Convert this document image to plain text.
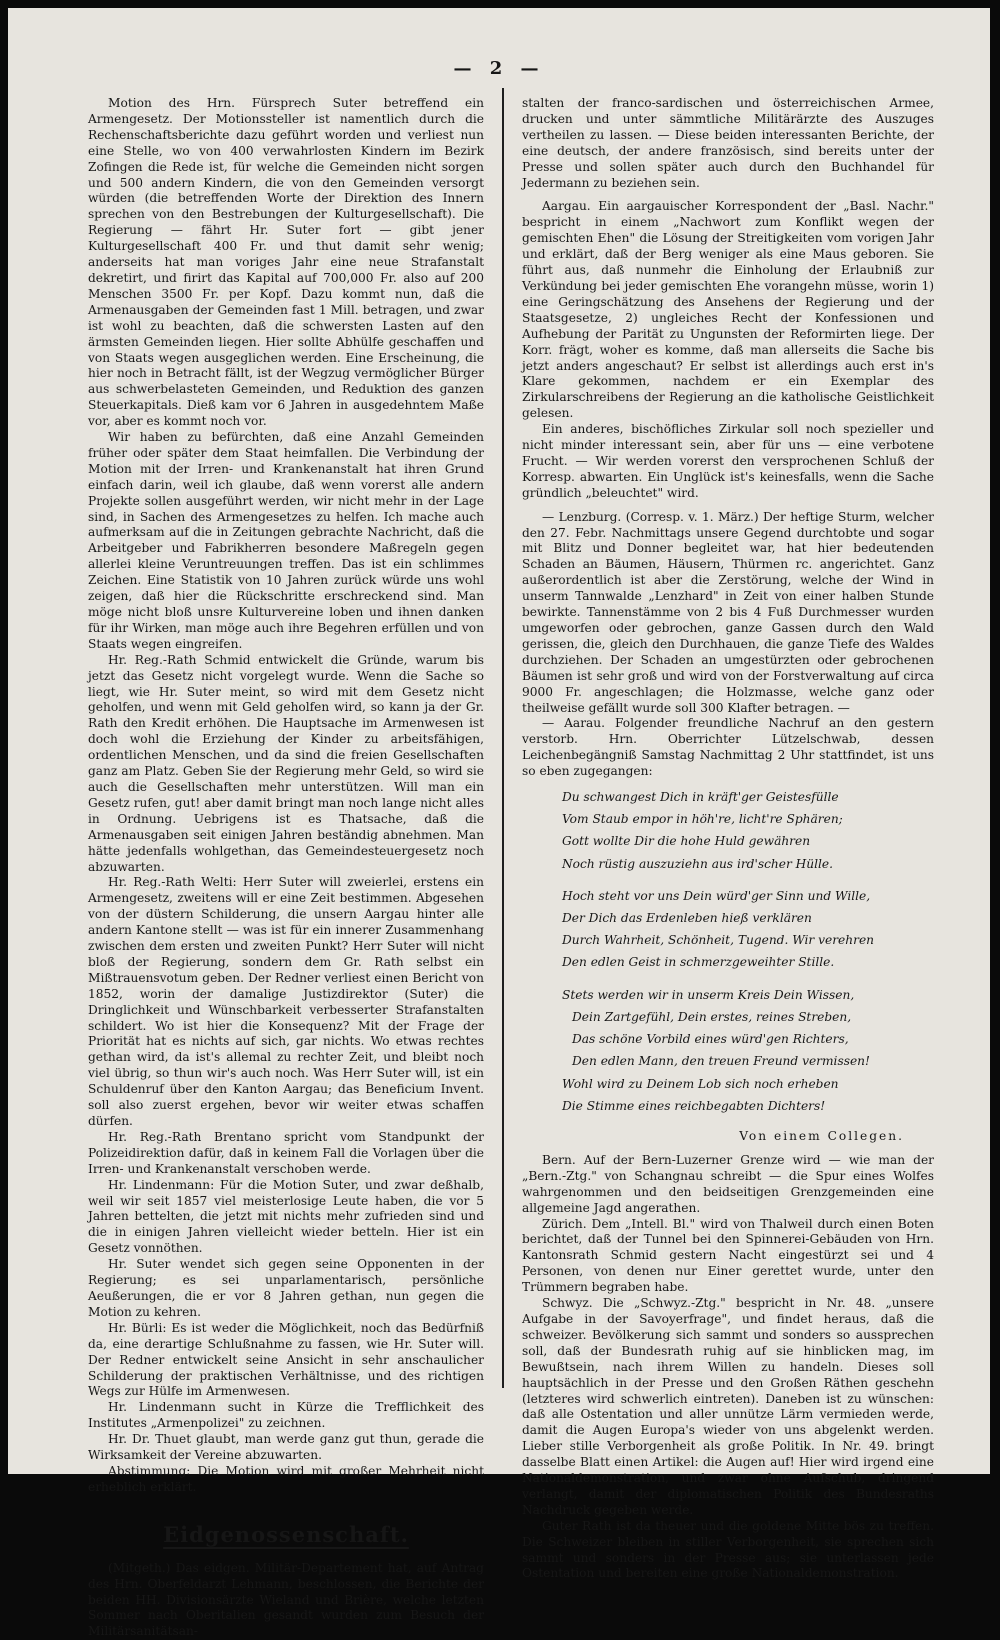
— 2 —

Motion des Hrn. Fürsprech Suter betreffend ein Armengesetz. Der Motionssteller ist namentlich durch die Rechenschaftsberichte dazu geführt worden und verliest nun eine Stelle, wo von 400 verwahrlosten Kindern im Bezirk Zofingen die Rede ist, für welche die Gemeinden nicht sorgen und 500 andern Kindern, die von den Gemeinden versorgt würden (die betreffenden Worte der Direktion des Innern sprechen von den Bestrebungen der Kulturgesellschaft). Die Regierung — fährt Hr. Suter fort — gibt jener Kulturgesellschaft 400 Fr. und thut damit sehr wenig; anderseits hat man voriges Jahr eine neue Strafanstalt dekretirt, und firirt das Kapital auf 700,000 Fr. also auf 200 Menschen 3500 Fr. per Kopf. Dazu kommt nun, daß die Armenausgaben der Gemeinden fast 1 Mill. betragen, und zwar ist wohl zu beachten, daß die schwersten Lasten auf den ärmsten Gemeinden liegen. Hier sollte Abhülfe geschaffen und von Staats wegen ausgeglichen werden. Eine Erscheinung, die hier noch in Betracht fällt, ist der Wegzug vermöglicher Bürger aus schwerbelasteten Gemeinden, und Reduktion des ganzen Steuerkapitals. Dieß kam vor 6 Jahren in ausgedehntem Maße vor, aber es kommt noch vor.

Wir haben zu befürchten, daß eine Anzahl Gemeinden früher oder später dem Staat heimfallen. Die Verbindung der Motion mit der Irren- und Krankenanstalt hat ihren Grund einfach darin, weil ich glaube, daß wenn vorerst alle andern Projekte sollen ausgeführt werden, wir nicht mehr in der Lage sind, in Sachen des Armengesetzes zu helfen. Ich mache auch aufmerksam auf die in Zeitungen gebrachte Nachricht, daß die Arbeitgeber und Fabrikherren besondere Maßregeln gegen allerlei kleine Veruntreuungen treffen. Das ist ein schlimmes Zeichen. Eine Statistik von 10 Jahren zurück würde uns wohl zeigen, daß hier die Rückschritte erschreckend sind. Man möge nicht bloß unsre Kulturvereine loben und ihnen danken für ihr Wirken, man möge auch ihre Begehren erfüllen und von Staats wegen eingreifen.

Hr. Reg.-Rath Schmid entwickelt die Gründe, warum bis jetzt das Gesetz nicht vorgelegt wurde. Wenn die Sache so liegt, wie Hr. Suter meint, so wird mit dem Gesetz nicht geholfen, und wenn mit Geld geholfen wird, so kann ja der Gr. Rath den Kredit erhöhen. Die Hauptsache im Armenwesen ist doch wohl die Erziehung der Kinder zu arbeitsfähigen, ordentlichen Menschen, und da sind die freien Gesellschaften ganz am Platz. Geben Sie der Regierung mehr Geld, so wird sie auch die Gesellschaften mehr unterstützen. Will man ein Gesetz rufen, gut! aber damit bringt man noch lange nicht alles in Ordnung. Uebrigens ist es Thatsache, daß die Armenausgaben seit einigen Jahren beständig abnehmen. Man hätte jedenfalls wohlgethan, das Gemeindesteuergesetz noch abzuwarten.

Hr. Reg.-Rath Welti: Herr Suter will zweierlei, erstens ein Armengesetz, zweitens will er eine Zeit bestimmen. Abgesehen von der düstern Schilderung, die unsern Aargau hinter alle andern Kantone stellt — was ist für ein innerer Zusammenhang zwischen dem ersten und zweiten Punkt? Herr Suter will nicht bloß der Regierung, sondern dem Gr. Rath selbst ein Mißtrauensvotum geben. Der Redner verliest einen Bericht von 1852, worin der damalige Justizdirektor (Suter) die Dringlichkeit und Wünschbarkeit verbesserter Strafanstalten schildert. Wo ist hier die Konsequenz? Mit der Frage der Priorität hat es nichts auf sich, gar nichts. Wo etwas rechtes gethan wird, da ist's allemal zu rechter Zeit, und bleibt noch viel übrig, so thun wir's auch noch. Was Herr Suter will, ist ein Schuldenruf über den Kanton Aargau; das Beneficium Invent. soll also zuerst ergehen, bevor wir weiter etwas schaffen dürfen.

Hr. Reg.-Rath Brentano spricht vom Standpunkt der Polizeidirektion dafür, daß in keinem Fall die Vorlagen über die Irren- und Krankenanstalt verschoben werde.

Hr. Lindenmann: Für die Motion Suter, und zwar deßhalb, weil wir seit 1857 viel meisterlosige Leute haben, die vor 5 Jahren bettelten, die jetzt mit nichts mehr zufrieden sind und die in einigen Jahren vielleicht wieder betteln. Hier ist ein Gesetz vonnöthen.

Hr. Suter wendet sich gegen seine Opponenten in der Regierung; es sei unparlamentarisch, persönliche Aeußerungen, die er vor 8 Jahren gethan, nun gegen die Motion zu kehren.

Hr. Bürli: Es ist weder die Möglichkeit, noch das Bedürfniß da, eine derartige Schlußnahme zu fassen, wie Hr. Suter will. Der Redner entwickelt seine Ansicht in sehr anschaulicher Schilderung der praktischen Verhältnisse, und des richtigen Wegs zur Hülfe im Armenwesen.

Hr. Lindenmann sucht in Kürze die Trefflichkeit des Institutes „Armenpolizei" zu zeichnen.

Hr. Dr. Thuet glaubt, man werde ganz gut thun, gerade die Wirksamkeit der Vereine abzuwarten.

Abstimmung: Die Motion wird mit großer Mehrheit nicht erheblich erklärt.

Eidgenossenschaft.

(Mitgeth.) Das eidgen. Militär-Departement hat, auf Antrag des Hrn. Oberfeldarzt Lehmann, beschlossen, die Berichte der beiden HH. Divisionsärzte Wieland und Brière, welche letzten Sommer nach Oberitalien gesandt wurden zum Besuch der Militärsanitätsan-

stalten der franco-sardischen und österreichischen Armee, drucken und unter sämmtliche Militärärzte des Auszuges vertheilen zu lassen. — Diese beiden interessanten Berichte, der eine deutsch, der andere französisch, sind bereits unter der Presse und sollen später auch durch den Buchhandel für Jedermann zu beziehen sein.

Aargau. Ein aargauischer Korrespondent der „Basl. Nachr." bespricht in einem „Nachwort zum Konflikt wegen der gemischten Ehen" die Lösung der Streitigkeiten vom vorigen Jahr und erklärt, daß der Berg weniger als eine Maus geboren. Sie führt aus, daß nunmehr die Einholung der Erlaubniß zur Verkündung bei jeder gemischten Ehe vorangehn müsse, worin 1) eine Geringschätzung des Ansehens der Regierung und der Staatsgesetze, 2) ungleiches Recht der Konfessionen und Aufhebung der Parität zu Ungunsten der Reformirten liege. Der Korr. frägt, woher es komme, daß man allerseits die Sache bis jetzt anders angeschaut? Er selbst ist allerdings auch erst in's Klare gekommen, nachdem er ein Exemplar des Zirkularschreibens der Regierung an die katholische Geistlichkeit gelesen.

Ein anderes, bischöfliches Zirkular soll noch spezieller und nicht minder interessant sein, aber für uns — eine verbotene Frucht. — Wir werden vorerst den versprochenen Schluß der Korresp. abwarten. Ein Unglück ist's keinesfalls, wenn die Sache gründlich „beleuchtet" wird.

— Lenzburg. (Corresp. v. 1. März.) Der heftige Sturm, welcher den 27. Febr. Nachmittags unsere Gegend durchtobte und sogar mit Blitz und Donner begleitet war, hat hier bedeutenden Schaden an Bäumen, Häusern, Thürmen rc. angerichtet. Ganz außerordentlich ist aber die Zerstörung, welche der Wind in unserm Tannwalde „Lenzhard" in Zeit von einer halben Stunde bewirkte. Tannenstämme von 2 bis 4 Fuß Durchmesser wurden umgeworfen oder gebrochen, ganze Gassen durch den Wald gerissen, die, gleich den Durchhauen, die ganze Tiefe des Waldes durchziehen. Der Schaden an umgestürzten oder gebrochenen Bäumen ist sehr groß und wird von der Forstverwaltung auf circa 9000 Fr. angeschlagen; die Holzmasse, welche ganz oder theilweise gefällt wurde soll 300 Klafter betragen. —

— Aarau. Folgender freundliche Nachruf an den gestern verstorb. Hrn. Oberrichter Lützelschwab, dessen Leichenbegängniß Samstag Nachmittag 2 Uhr stattfindet, ist uns so eben zugegangen:

Du schwangest Dich in kräft'ger Geistesfülle
Vom Staub empor in höh're, licht're Sphären;
Gott wollte Dir die hohe Huld gewähren
Noch rüstig auszuziehn aus ird'scher Hülle.
Hoch steht vor uns Dein würd'ger Sinn und Wille,
Der Dich das Erdenleben hieß verklären
Durch Wahrheit, Schönheit, Tugend. Wir verehren
Den edlen Geist in schmerzgeweihter Stille.
Stets werden wir in unserm Kreis Dein Wissen,
Dein Zartgefühl, Dein erstes, reines Streben,
Das schöne Vorbild eines würd'gen Richters,
Den edlen Mann, den treuen Freund vermissen!
Wohl wird zu Deinem Lob sich noch erheben
Die Stimme eines reichbegabten Dichters!
Von einem Collegen.

Bern. Auf der Bern-Luzerner Grenze wird — wie man der „Bern.-Ztg." von Schangnau schreibt — die Spur eines Wolfes wahrgenommen und den beidseitigen Grenzgemeinden eine allgemeine Jagd angerathen.

Zürich. Dem „Intell. Bl." wird von Thalweil durch einen Boten berichtet, daß der Tunnel bei den Spinnerei-Gebäuden von Hrn. Kantonsrath Schmid gestern Nacht eingestürzt sei und 4 Personen, von denen nur Einer gerettet wurde, unter den Trümmern begraben habe.

Schwyz. Die „Schwyz.-Ztg." bespricht in Nr. 48. „unsere Aufgabe in der Savoyerfrage", und findet heraus, daß die schweizer. Bevölkerung sich sammt und sonders so aussprechen soll, daß der Bundesrath ruhig auf sie hinblicken mag, im Bewußtsein, nach ihrem Willen zu handeln. Dieses soll hauptsächlich in der Presse und den Großen Räthen geschehn (letzteres wird schwerlich eintreten). Daneben ist zu wünschen: daß alle Ostentation und aller unnütze Lärm vermieden werde, damit die Augen Europa's wieder von uns abgelenkt werden. Lieber stille Verborgenheit als große Politik. In Nr. 49. bringt dasselbe Blatt einen Artikel: die Augen auf! Hier wird irgend eine Nationaldemonstration, und zwar ohne Aufschub, dringend verlangt, damit der diplomatischen Politik des Bundesraths Nachdruck gegeben werde.

Guter Rath ist da theuer und die goldene Mitte bös zu treffen. Die Schweizer bleiben in stiller Verborgenheit, sie sprechen sich sammt und sonders in der Presse aus; sie unterlassen jede Ostentation und bereiten eine große Nationaldemonstration.
